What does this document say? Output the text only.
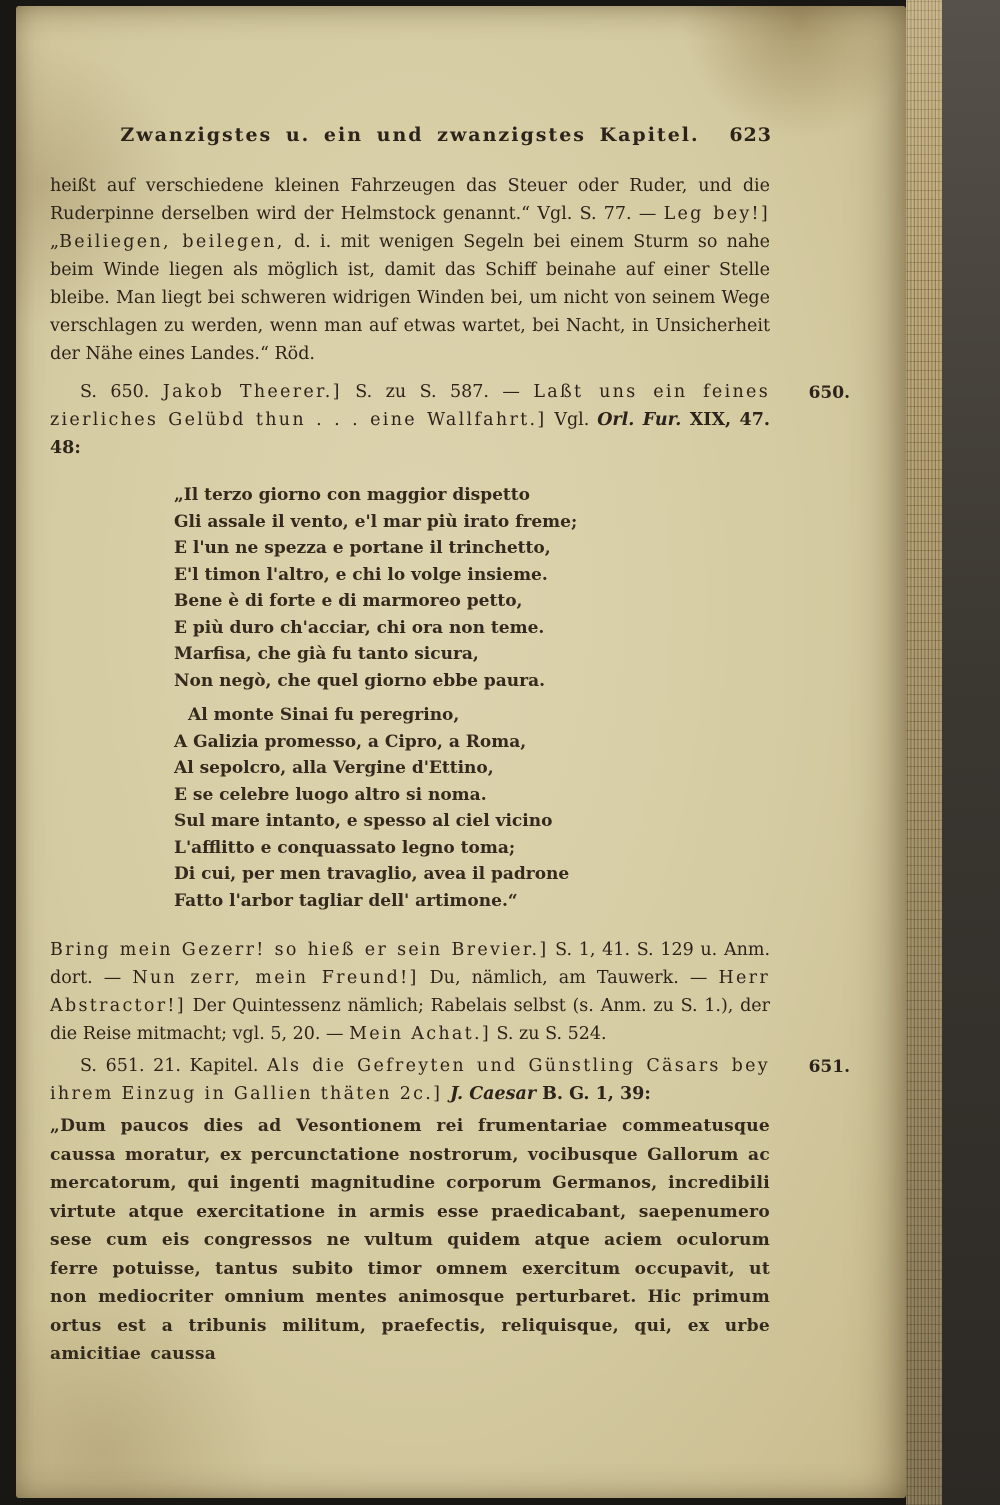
Zwanzigstes u. ein und zwanzigstes Kapitel. 623

heißt auf verschiedene kleinen Fahrzeugen das Steuer oder Ruder, und die Ruderpinne derselben wird der Helmstock genannt.“ Vgl. S. 77. — Leg bey!] „Beiliegen, beilegen, d. i. mit wenigen Segeln bei einem Sturm so nahe beim Winde liegen als möglich ist, damit das Schiff beinahe auf einer Stelle bleibe. Man liegt bei schweren widrigen Winden bei, um nicht von seinem Wege verschlagen zu werden, wenn man auf etwas wartet, bei Nacht, in Unsicherheit der Nähe eines Landes.“ Röd.

650.
S. 650. Jakob Theerer.] S. zu S. 587. — Laßt uns ein feines zierliches Gelübd thun . . . eine Wallfahrt.] Vgl. Orl. Fur. XIX, 47. 48:

„Il terzo giorno con maggior dispetto
Gli assale il vento, e'l mar più irato freme;
E l'un ne spezza e portane il trinchetto,
E'l timon l'altro, e chi lo volge insieme.
Bene è di forte e di marmoreo petto,
E più duro ch'acciar, chi ora non teme.
Marfisa, che già fu tanto sicura,
Non negò, che quel giorno ebbe paura.
Al monte Sinai fu peregrino,
A Galizia promesso, a Cipro, a Roma,
Al sepolcro, alla Vergine d'Ettino,
E se celebre luogo altro si noma.
Sul mare intanto, e spesso al ciel vicino
L'afflitto e conquassato legno toma;
Di cui, per men travaglio, avea il padrone
Fatto l'arbor tagliar dell' artimone.“

Bring mein Gezerr! so hieß er sein Brevier.] S. 1, 41. S. 129 u. Anm. dort. — Nun zerr, mein Freund!] Du, nämlich, am Tauwerk. — Herr Abstractor!] Der Quintessenz nämlich; Rabelais selbst (s. Anm. zu S. 1.), der die Reise mitmacht; vgl. 5, 20. — Mein Achat.] S. zu S. 524.

651.
S. 651. 21. Kapitel. Als die Gefreyten und Günstling Cäsars bey ihrem Einzug in Gallien thäten 2c.] J. Caesar B. G. 1, 39:

„Dum paucos dies ad Vesontionem rei frumentariae commeatusque caussa moratur, ex percunctatione nostrorum, vocibusque Gallorum ac mercatorum, qui ingenti magnitudine corporum Germanos, incredibili virtute atque exercitatione in armis esse praedicabant, saepenumero sese cum eis congressos ne vultum quidem atque aciem oculorum ferre potuisse, tantus subito timor omnem exercitum occupavit, ut non mediocriter omnium mentes animosque perturbaret. Hic primum ortus est a tribunis militum, praefectis, reliquisque, qui, ex urbe amicitiae caussa
